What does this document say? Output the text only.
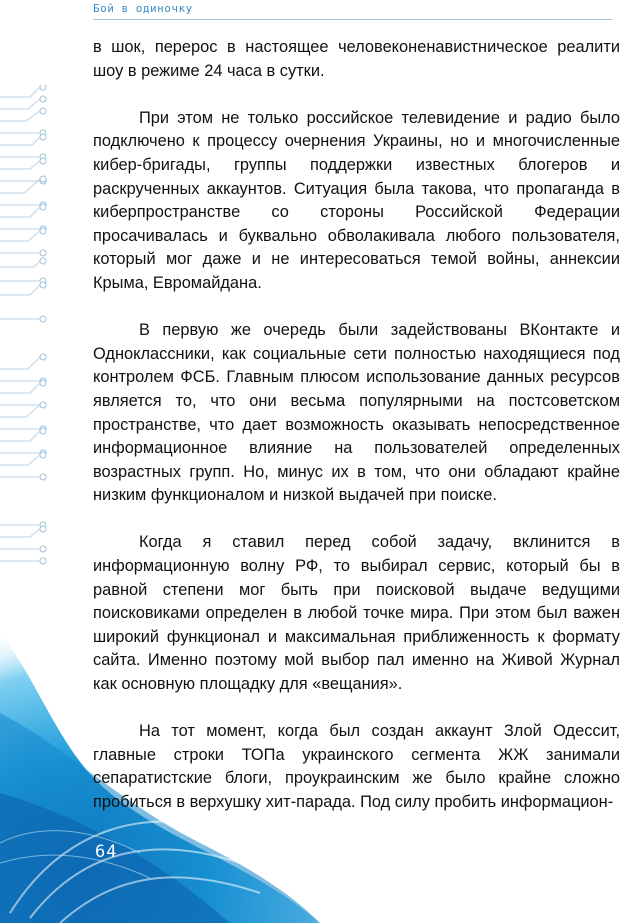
Бой в одиночку

в шок, перерос в настоящее человеконенавистническое реалити шоу в режиме 24 часа в сутки.

При этом не только российское телевидение и радио было подключено к процессу очернения Украины, но и многочисленные кибер-бригады, группы поддержки известных блогеров и раскрученных аккаунтов. Ситуация была такова, что пропаганда в киберпространстве со стороны Российской Федерации просачивалась и буквально обволакивала любого пользователя, который мог даже и не интересоваться темой войны, аннексии Крыма, Евромайдана.

В первую же очередь были задействованы ВКонтакте и Одноклассники, как социальные сети полностью находящиеся под контролем ФСБ. Главным плюсом использование данных ресурсов является то, что они весьма популярными на постсоветском пространстве, что дает возможность оказывать непосредственное информационное влияние на пользователей определенных возрастных групп. Но, минус их в том, что они обладают крайне низким функционалом и низкой выдачей при поиске.

Когда я ставил перед собой задачу, вклинится в информационную волну РФ, то выбирал сервис, который бы в равной степени мог быть при поисковой выдаче ведущими поисковиками определен в любой точке мира. При этом был важен широкий функционал и максимальная приближенность к формату сайта. Именно поэтому мой выбор пал именно на Живой Журнал как основную площадку для «вещания».

На тот момент, когда был создан аккаунт Злой Одессит, главные строки ТОПа украинского сегмента ЖЖ занимали сепаратистские блоги, проукраинским же было крайне сложно пробиться в верхушку хит-парада. Под силу пробить информацион-

64
